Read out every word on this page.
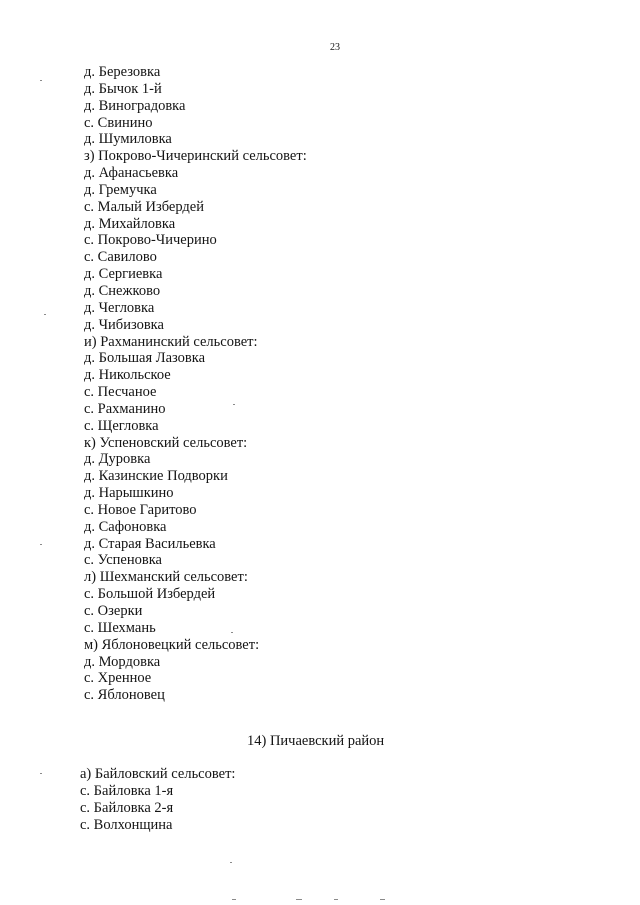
23
д. Березовка
д. Бычок 1-й
д. Виноградовка
с. Свинино
д. Шумиловка
з) Покрово-Чичеринский сельсовет:
д. Афанасьевка
д. Гремучка
с. Малый Избердей
д. Михайловка
с. Покрово-Чичерино
с. Савилово
д. Сергиевка
д. Снежково
д. Чегловка
д. Чибизовка
и) Рахманинский сельсовет:
д. Большая Лазовка
д. Никольское
с. Песчаное
с. Рахманино
с. Щегловка
к) Успеновский сельсовет:
д. Дуровка
д. Казинские Подворки
д. Нарышкино
с. Новое Гаритово
д. Сафоновка
д. Старая Васильевка
с. Успеновка
л) Шехманский сельсовет:
с. Большой Избердей
с. Озерки
с. Шехмань
м) Яблоновецкий сельсовет:
д. Мордовка
с. Хренное
с. Яблоновец
14) Пичаевский район
а) Байловский сельсовет:
с. Байловка 1-я
с. Байловка 2-я
с. Волхонщина
